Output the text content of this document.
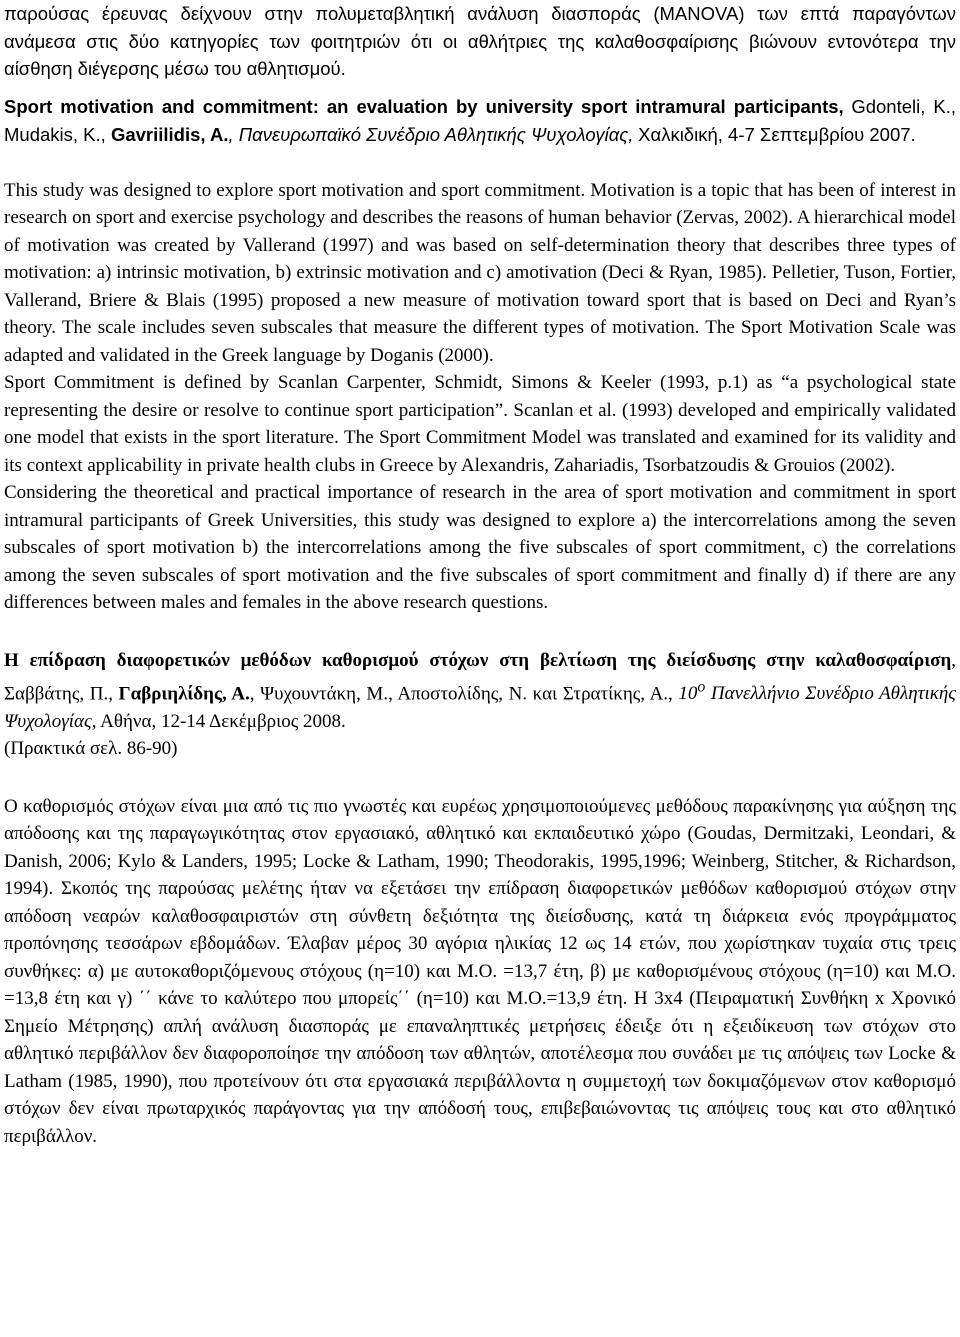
παρούσας έρευνας δείχνουν στην πολυμεταβλητική ανάλυση διασποράς (MANOVA) των επτά παραγόντων ανάμεσα στις δύο κατηγορίες των φοιτητριών ότι οι αθλήτριες της καλαθοσφαίρισης βιώνουν εντονότερα την αίσθηση διέγερσης μέσω του αθλητισμού.

Sport motivation and commitment: an evaluation by university sport intramural participants, Gdonteli, K., Mudakis, K., Gavriilidis, A., Πανευρωπαϊκό Συνέδριο Αθλητικής Ψυχολογίας, Χαλκιδική, 4-7 Σεπτεμβρίου 2007.

This study was designed to explore sport motivation and sport commitment. Motivation is a topic that has been of interest in research on sport and exercise psychology and describes the reasons of human behavior (Zervas, 2002). A hierarchical model of motivation was created by Vallerand (1997) and was based on self-determination theory that describes three types of motivation: a) intrinsic motivation, b) extrinsic motivation and c) amotivation (Deci & Ryan, 1985). Pelletier, Tuson, Fortier, Vallerand, Briere & Blais (1995) proposed a new measure of motivation toward sport that is based on Deci and Ryan’s theory. The scale includes seven subscales that measure the different types of motivation. The Sport Motivation Scale was adapted and validated in the Greek language by Doganis (2000).

Sport Commitment is defined by Scanlan Carpenter, Schmidt, Simons & Keeler (1993, p.1) as “a psychological state representing the desire or resolve to continue sport participation”. Scanlan et al. (1993) developed and empirically validated one model that exists in the sport literature. The Sport Commitment Model was translated and examined for its validity and its context applicability in private health clubs in Greece by Alexandris, Zahariadis, Tsorbatzoudis & Grouios (2002).

Considering the theoretical and practical importance of research in the area of sport motivation and commitment in sport intramural participants of Greek Universities, this study was designed to explore a) the intercorrelations among the seven subscales of sport motivation b) the intercorrelations among the five subscales of sport commitment, c) the correlations among the seven subscales of sport motivation and the five subscales of sport commitment and finally d) if there are any differences between males and females in the above research questions.

Η επίδραση διαφορετικών μεθόδων καθορισμού στόχων στη βελτίωση της διείσδυσης στην καλαθοσφαίριση, Σαββάτης, Π., Γαβριηλίδης, Α., Ψυχουντάκη, Μ., Αποστολίδης, Ν. και Στρατίκης, Α., $10^o$ Πανελλήνιο Συνέδριο Αθλητικής Ψυχολογίας, Αθήνα, 12-14 Δεκέμβριος 2008.
(Πρακτικά σελ. 86-90)

Ο καθορισμός στόχων είναι μια από τις πιο γνωστές και ευρέως χρησιμοποιούμενες μεθόδους παρακίνησης για αύξηση της απόδοσης και της παραγωγικότητας στον εργασιακό, αθλητικό και εκπαιδευτικό χώρο (Goudas, Dermitzaki, Leondari, & Danish, 2006; Kylo & Landers, 1995; Locke & Latham, 1990; Theodorakis, 1995,1996; Weinberg, Stitcher, & Richardson, 1994). Σκοπός της παρούσας μελέτης ήταν να εξετάσει την επίδραση διαφορετικών μεθόδων καθορισμού στόχων στην απόδοση νεαρών καλαθοσφαιριστών στη σύνθετη δεξιότητα της διείσδυσης, κατά τη διάρκεια ενός προγράμματος προπόνησης τεσσάρων εβδομάδων. Έλαβαν μέρος 30 αγόρια ηλικίας 12 ως 14 ετών, που χωρίστηκαν τυχαία στις τρεις συνθήκες: α) με αυτοκαθοριζόμενους στόχους (η=10) και Μ.Ο. =13,7 έτη, β) με καθορισμένους στόχους (η=10) και Μ.Ο. =13,8 έτη και γ) ΄΄ κάνε το καλύτερο που μπορείς΄΄ (η=10) και Μ.Ο.=13,9 έτη. Η 3x4 (Πειραματική Συνθήκη x Χρονικό Σημείο Μέτρησης) απλή ανάλυση διασποράς με επαναληπτικές μετρήσεις έδειξε ότι η εξειδίκευση των στόχων στο αθλητικό περιβάλλον δεν διαφοροποίησε την απόδοση των αθλητών, αποτέλεσμα που συνάδει με τις απόψεις των Locke & Latham (1985, 1990), που προτείνουν ότι στα εργασιακά περιβάλλοντα η συμμετοχή των δοκιμαζόμενων στον καθορισμό στόχων δεν είναι πρωταρχικός παράγοντας για την απόδοσή τους, επιβεβαιώνοντας τις απόψεις τους και στο αθλητικό περιβάλλον.
